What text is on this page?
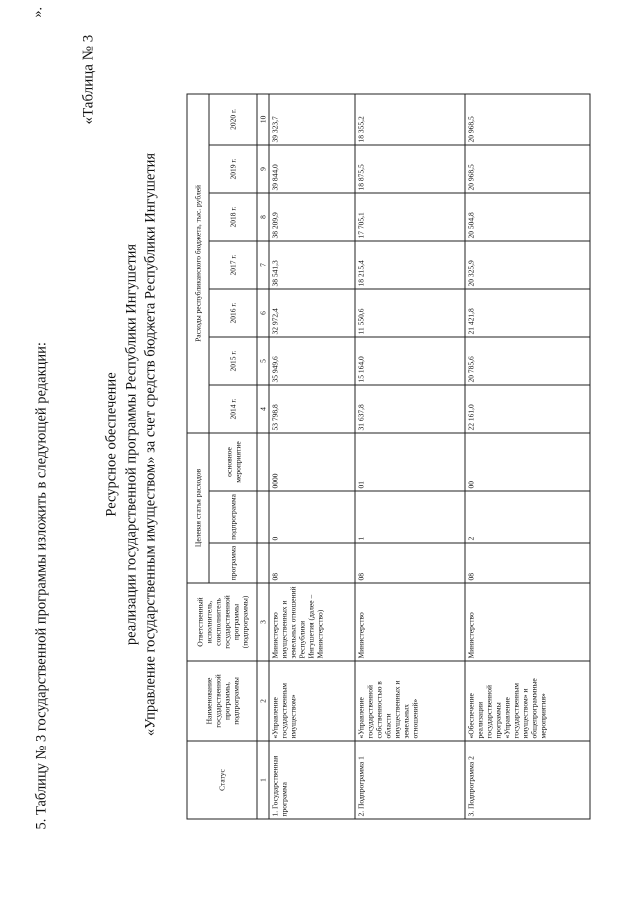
5. Таблицу № 3 государственной программы изложить в следующей редакции:
».
«Таблица № 3
Ресурсное обеспечение реализации государственной программы Республики Ингушетия «Управление государственным имуществом» за счет средств бюджета Республики Ингушетия
Статус	Наименование государственной программы, подпрограммы	Ответственный исполнитель, соисполнитель государственной программы (подпрограммы)	Целевая статья расходов			Расходы республиканского бюджета, тыс. рублей						
			программа	подпрограмма	основное мероприятие	2014 г.	2015 г.	2016 г.	2017 г.	2018 г.	2019 г.	2020 г.
1	2	3				4	5	6	7	8	9	10
1. Государственная программа	«Управление государственным имуществом»	Министерство имущественных и земельных отношений Республики Ингушетия (далее – Министерство)	08	0	0000	53 798,8	35 949,6	32 972,4	38 541,3	38 209,9	39 844,0	39 323,7
2. Подпрограмма 1	«Управление государственной собственностью в области имущественных и земельных отношений»	Министерство	08	1	01	31 637,8	15 164,0	11 550,6	18 215,4	17 705,1	18 875,5	18 355,2
3. Подпрограмма 2	«Обеспечение реализации государственной программы «Управление государственным имуществом» и общепрограммные мероприятия»	Министерство	08	2	00	22 161,0	20 785,6	21 421,8	20 325,9	20 504,8	20 968,5	20 968,5
